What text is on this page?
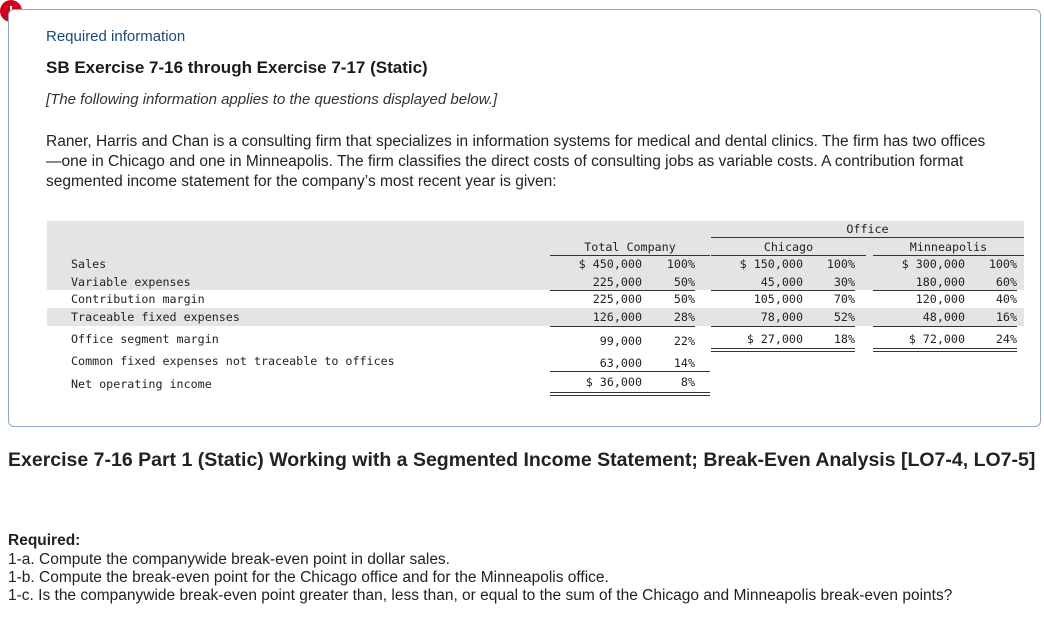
Required information
SB Exercise 7-16 through Exercise 7-17 (Static)
[The following information applies to the questions displayed below.]
Raner, Harris and Chan is a consulting firm that specializes in information systems for medical and dental clinics. The firm has two offices—one in Chicago and one in Minneapolis. The firm classifies the direct costs of consulting jobs as variable costs. A contribution format segmented income statement for the company’s most recent year is given:
Office
Total Company	Chicago	Minneapolis
Sales	$ 450,000	100%	$ 150,000	100%	$ 300,000	100%
Variable expenses	225,000	50%	45,000	30%	180,000	60%
Contribution margin	225,000	50%	105,000	70%	120,000	40%
Traceable fixed expenses	126,000	28%	78,000	52%	48,000	16%
Office segment margin	99,000	22%	$ 27,000	18%	$ 72,000	24%
Common fixed expenses not traceable to offices	63,000	14%
Net operating income	$ 36,000	8%
Exercise 7-16 Part 1 (Static) Working with a Segmented Income Statement; Break-Even Analysis [LO7-4, LO7-5]
Required:
1-a. Compute the companywide break-even point in dollar sales.
1-b. Compute the break-even point for the Chicago office and for the Minneapolis office.
1-c. Is the companywide break-even point greater than, less than, or equal to the sum of the Chicago and Minneapolis break-even points?
